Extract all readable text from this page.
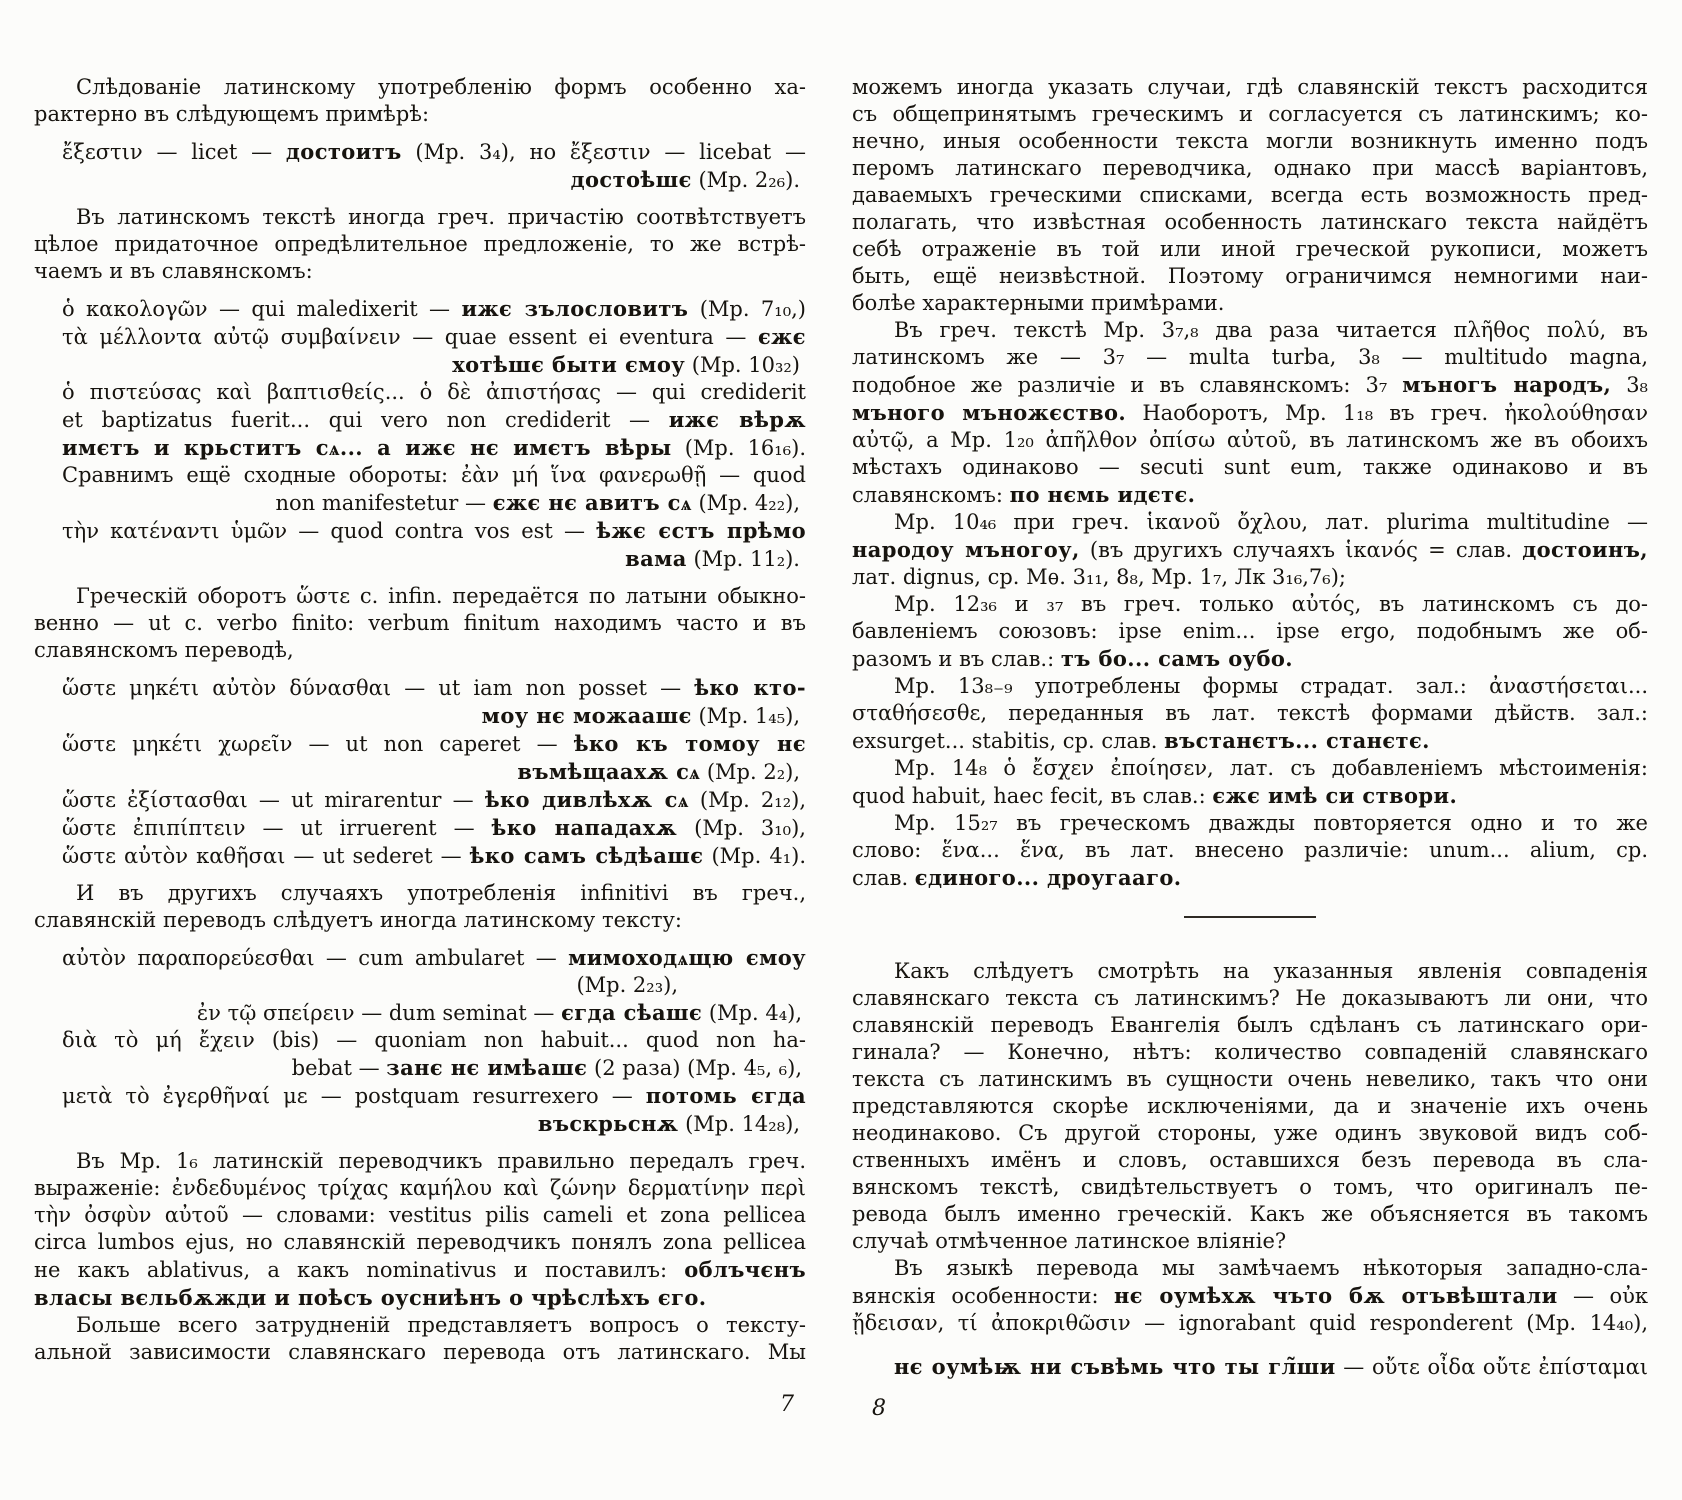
Слѣдованіе латинскому употребленію формъ особенно ха-
рактерно въ слѣдующемъ примѣрѣ:
ἔξεστιν — licet — достоитъ (Мр. 3₄), но ἔξεστιν — licebat —
достоѣшє (Мр. 2₂₆).
Въ латинскомъ текстѣ иногда греч. причастію соотвѣтствуетъ
цѣлое придаточное опредѣлительное предложеніе, то же встрѣ-
чаемъ и въ славянскомъ:
ὁ κακολογῶν — qui maledixerit — ижє зълословитъ (Мр. 7₁₀,)
τὰ μέλλοντα αὐτῷ συμβαίνειν — quae essent ei eventura — єжє
хотѣшє быти ємоу (Мр. 10₃₂)
ὁ πιστεύσας καὶ βαπτισθείς... ὁ δὲ ἀπιστήσας — qui crediderit
et baptizatus fuerit... qui vero non crediderit — ижє вѣрѫ
имєтъ и крьститъ сѧ... а ижє нє имєтъ вѣры (Мр. 16₁₆).
Сравнимъ ещё сходные обороты: ἐὰν μή ἵνα φανερωθῇ — quod
non manifestetur — єжє нє авитъ сѧ (Мр. 4₂₂),
τὴν κατέναντι ὑμῶν — quod contra vos est — ѣжє єстъ прѣмо
вама (Мр. 11₂).
Греческій оборотъ ὥστε c. infin. передаётся по латыни обыкно-
венно — ut c. verbo finito: verbum finitum находимъ часто и въ
славянскомъ переводѣ,
ὥστε μηκέτι αὐτὸν δύνασθαι — ut iam non posset — ѣко кто-
моу нє можаашє (Мр. 1₄₅),
ὥστε μηκέτι χωρεῖν — ut non caperet — ѣко къ томоу нє
въмѣщаахѫ сѧ (Мр. 2₂),
ὥστε ἐξίστασθαι — ut mirarentur — ѣко дивлѣхѫ сѧ (Мр. 2₁₂),
ὥστε ἐπιπίπτειν — ut irruerent — ѣко нападахѫ (Мр. 3₁₀),
ὥστε αὐτὸν καθῆσαι — ut sederet — ѣко самъ сѣдѣашє (Мр. 4₁).
И въ другихъ случаяхъ употребленія infinitivi въ греч.,
славянскій переводъ слѣдуетъ иногда латинскому тексту:
αὐτὸν παραπορεύεσθαι — cum ambularet — мимоходѧщю ємоу
(Мр. 2₂₃),
ἐν τῷ σπείρειν — dum seminat — єгда сѣашє (Мр. 4₄),
διὰ τὸ μή ἔχειν (bis) — quoniam non habuit... quod non ha-
bebat — занє нє имѣашє (2 раза) (Мр. 4₅, ₆),
μετὰ τὸ ἐγερθῆναί με — postquam resurrexero — потомь єгда
въскрьснѫ (Мр. 14₂₈),
Въ Мр. 1₆ латинскій переводчикъ правильно передалъ греч.
выраженіе: ἐνδεδυμένος τρίχας καμήλου καὶ ζώνην δερματίνην περὶ
τὴν ὀσφὺν αὐτοῦ — словами: vestitus pilis cameli et zona pellicea
circa lumbos ejus, но славянскій переводчикъ понялъ zona pellicea
не какъ ablativus, а какъ nominativus и поставилъ: облъчєнъ
власы вєльбѫжди и поѣсъ оусниѣнъ о чрѣслѣхъ єго.
Больше всего затрудненій представляетъ вопросъ о тексту-
альной зависимости славянскаго перевода отъ латинскаго. Мы
можемъ иногда указать случаи, гдѣ славянскій текстъ расходится
съ общепринятымъ греческимъ и согласуется съ латинскимъ; ко-
нечно, иныя особенности текста могли возникнуть именно подъ
перомъ латинскаго переводчика, однако при массѣ варіантовъ,
даваемыхъ греческими списками, всегда есть возможность пред-
полагать, что извѣстная особенность латинскаго текста найдётъ
себѣ отраженіе въ той или иной греческой рукописи, можетъ
быть, ещё неизвѣстной. Поэтому ограничимся немногими наи-
болѣе характерными примѣрами.
Въ греч. текстѣ Мр. 3₇,₈ два раза читается πλῆθος πολύ, въ
латинскомъ же — 3₇ — multa turba, 3₈ — multitudo magna,
подобное же различіе и въ славянскомъ: 3₇ мъногъ народъ, 3₈
мъного мъножєство. Наоборотъ, Мр. 1₁₈ въ греч. ἠκολούθησαν
αὐτῷ, а Мр. 1₂₀ ἀπῆλθον ὀπίσω αὐτοῦ, въ латинскомъ же въ обоихъ
мѣстахъ одинаково — secuti sunt eum, также одинаково и въ
славянскомъ: по нємь идєтє.
Мр. 10₄₆ при греч. ἱκανοῦ ὄχλου, лат. plurima multitudine —
народоу мъногоу, (въ другихъ случаяхъ ἱκανός = слав. достоинъ,
лат. dignus, ср. Мѳ. 3₁₁, 8₈, Мр. 1₇, Лк 3₁₆,7₆);
Мр. 12₃₆ и ₃₇ въ греч. только αὐτός, въ латинскомъ съ до-
бавленіемъ союзовъ: ipse enim... ipse ergo, подобнымъ же об-
разомъ и въ слав.: тъ бо... самъ оубо.
Мр. 13₈₋₉ употреблены формы страдат. зал.: ἀναστήσεται...
σταθήσεσθε, переданныя въ лат. текстѣ формами дѣйств. зал.:
exsurget... stabitis, ср. слав. въстанєтъ... станєтє.
Мр. 14₈ ὁ ἔσχεν ἐποίησεν, лат. съ добавленіемъ мѣстоименія:
quod habuit, haec fecit, въ слав.: єжє имѣ си створи.
Мр. 15₂₇ въ греческомъ дважды повторяется одно и то же
слово: ἕνα... ἕνα, въ лат. внесено различіе: unum... alium, ср.
слав. єдиного... дроугааго.
Какъ слѣдуетъ смотрѣть на указанныя явленія совпаденія
славянскаго текста съ латинскимъ? Не доказываютъ ли они, что
славянскій переводъ Евангелія былъ сдѣланъ съ латинскаго ори-
гинала? — Конечно, нѣтъ: количество совпаденій славянскаго
текста съ латинскимъ въ сущности очень невелико, такъ что они
представляются скорѣе исключеніями, да и значеніе ихъ очень
неодинаково. Съ другой стороны, уже одинъ звуковой видъ соб-
ственныхъ имёнъ и словъ, оставшихся безъ перевода въ сла-
вянскомъ текстѣ, свидѣтельствуетъ о томъ, что оригиналъ пе-
ревода былъ именно греческій. Какъ же объясняется въ такомъ
случаѣ отмѣченное латинское вліяніе?
Въ языкѣ перевода мы замѣчаемъ нѣкоторыя западно-сла-
вянскія особенности: нє оумѣхѫ чъто бѫ отъвѣштали — οὐκ
ᾔδεισαν, τί ἀποκριθῶσιν — ignorabant quid responderent (Мр. 14₄₀),
нє оумѣѭ ни съвѣмь что ты гл̃ши — οὔτε οἶδα οὔτε ἐπίσταμαι
7	8
